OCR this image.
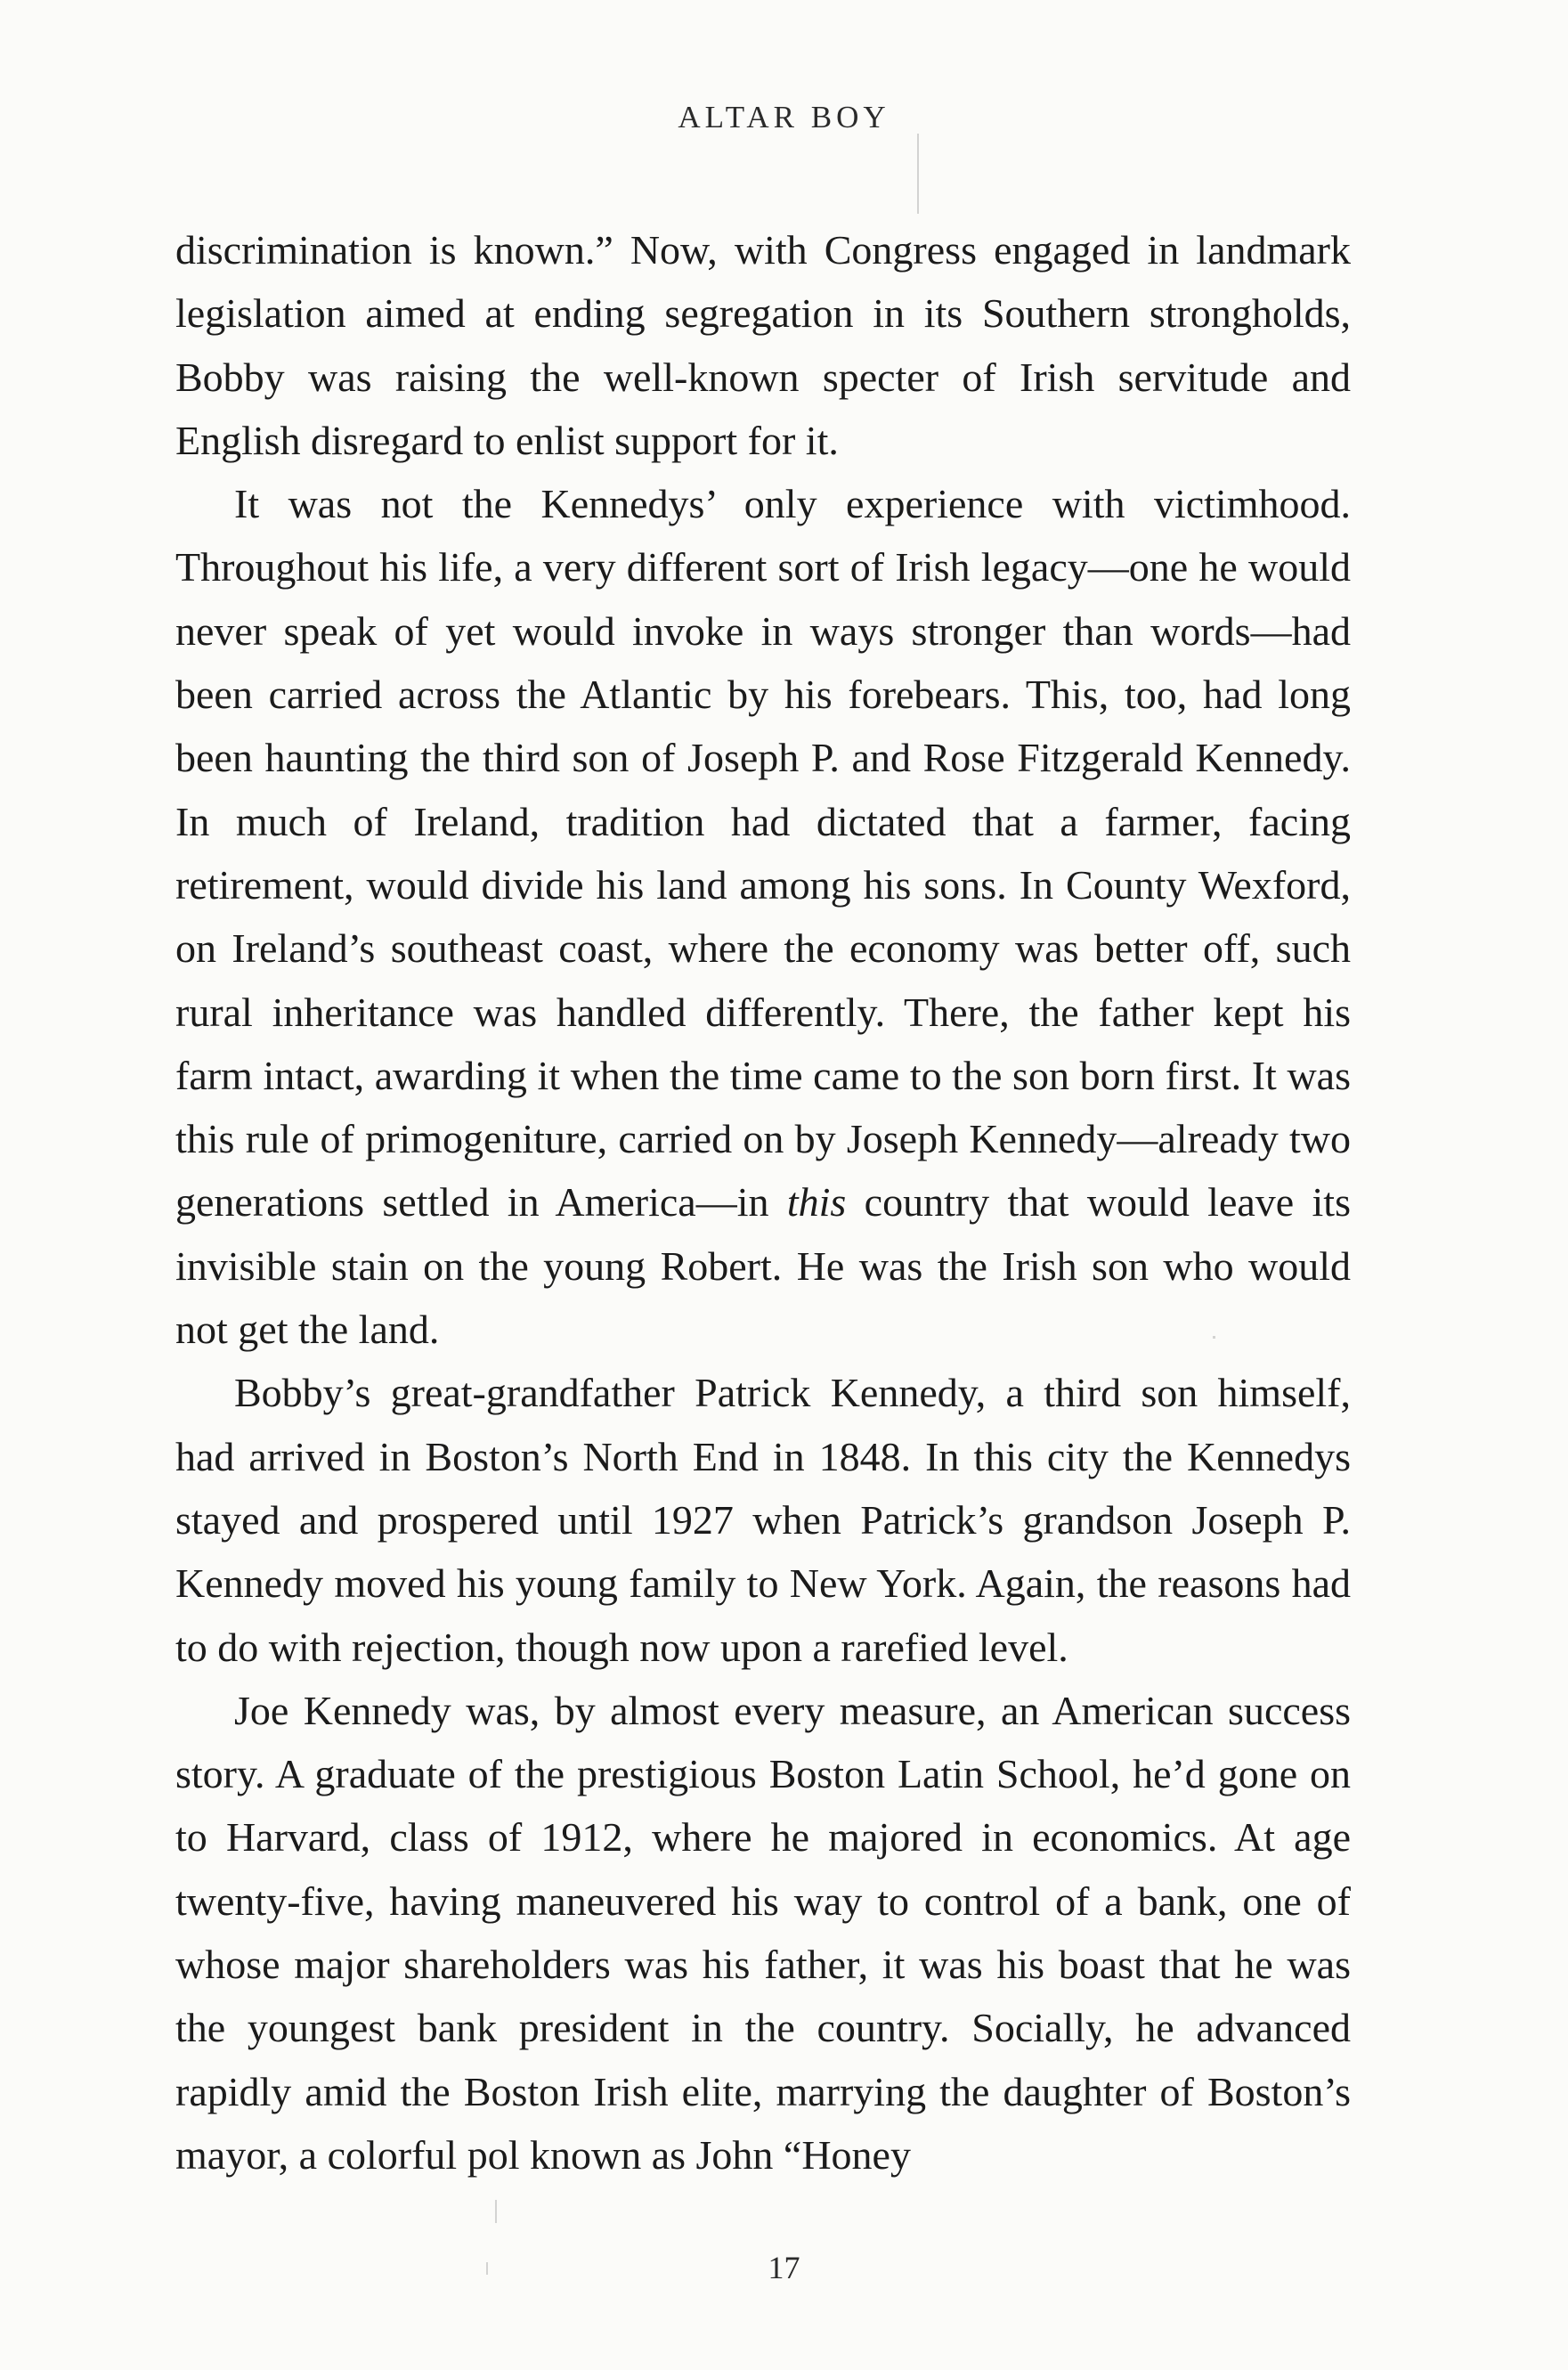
ALTAR BOY

discrimination is known.” Now, with Congress engaged in landmark legislation aimed at ending segregation in its Southern strongholds, Bobby was raising the well-known specter of Irish servitude and English disregard to enlist support for it.

It was not the Kennedys’ only experience with victimhood. Throughout his life, a very different sort of Irish legacy—one he would never speak of yet would invoke in ways stronger than words—had been carried across the Atlantic by his forebears. This, too, had long been haunting the third son of Joseph P. and Rose Fitzgerald Kennedy. In much of Ireland, tradition had dictated that a farmer, facing retirement, would divide his land among his sons. In County Wexford, on Ireland’s southeast coast, where the economy was better off, such rural inheritance was handled differently. There, the father kept his farm intact, awarding it when the time came to the son born first. It was this rule of primogeniture, carried on by Joseph Kennedy—already two generations settled in America—in this country that would leave its invisible stain on the young Robert. He was the Irish son who would not get the land.

Bobby’s great-grandfather Patrick Kennedy, a third son himself, had arrived in Boston’s North End in 1848. In this city the Kennedys stayed and prospered until 1927 when Patrick’s grandson Joseph P. Kennedy moved his young family to New York. Again, the reasons had to do with rejection, though now upon a rarefied level.

Joe Kennedy was, by almost every measure, an American success story. A graduate of the prestigious Boston Latin School, he’d gone on to Harvard, class of 1912, where he majored in economics. At age twenty-five, having maneuvered his way to control of a bank, one of whose major shareholders was his father, it was his boast that he was the youngest bank president in the country. Socially, he advanced rapidly amid the Boston Irish elite, marrying the daughter of Boston’s mayor, a colorful pol known as John “Honey

17
